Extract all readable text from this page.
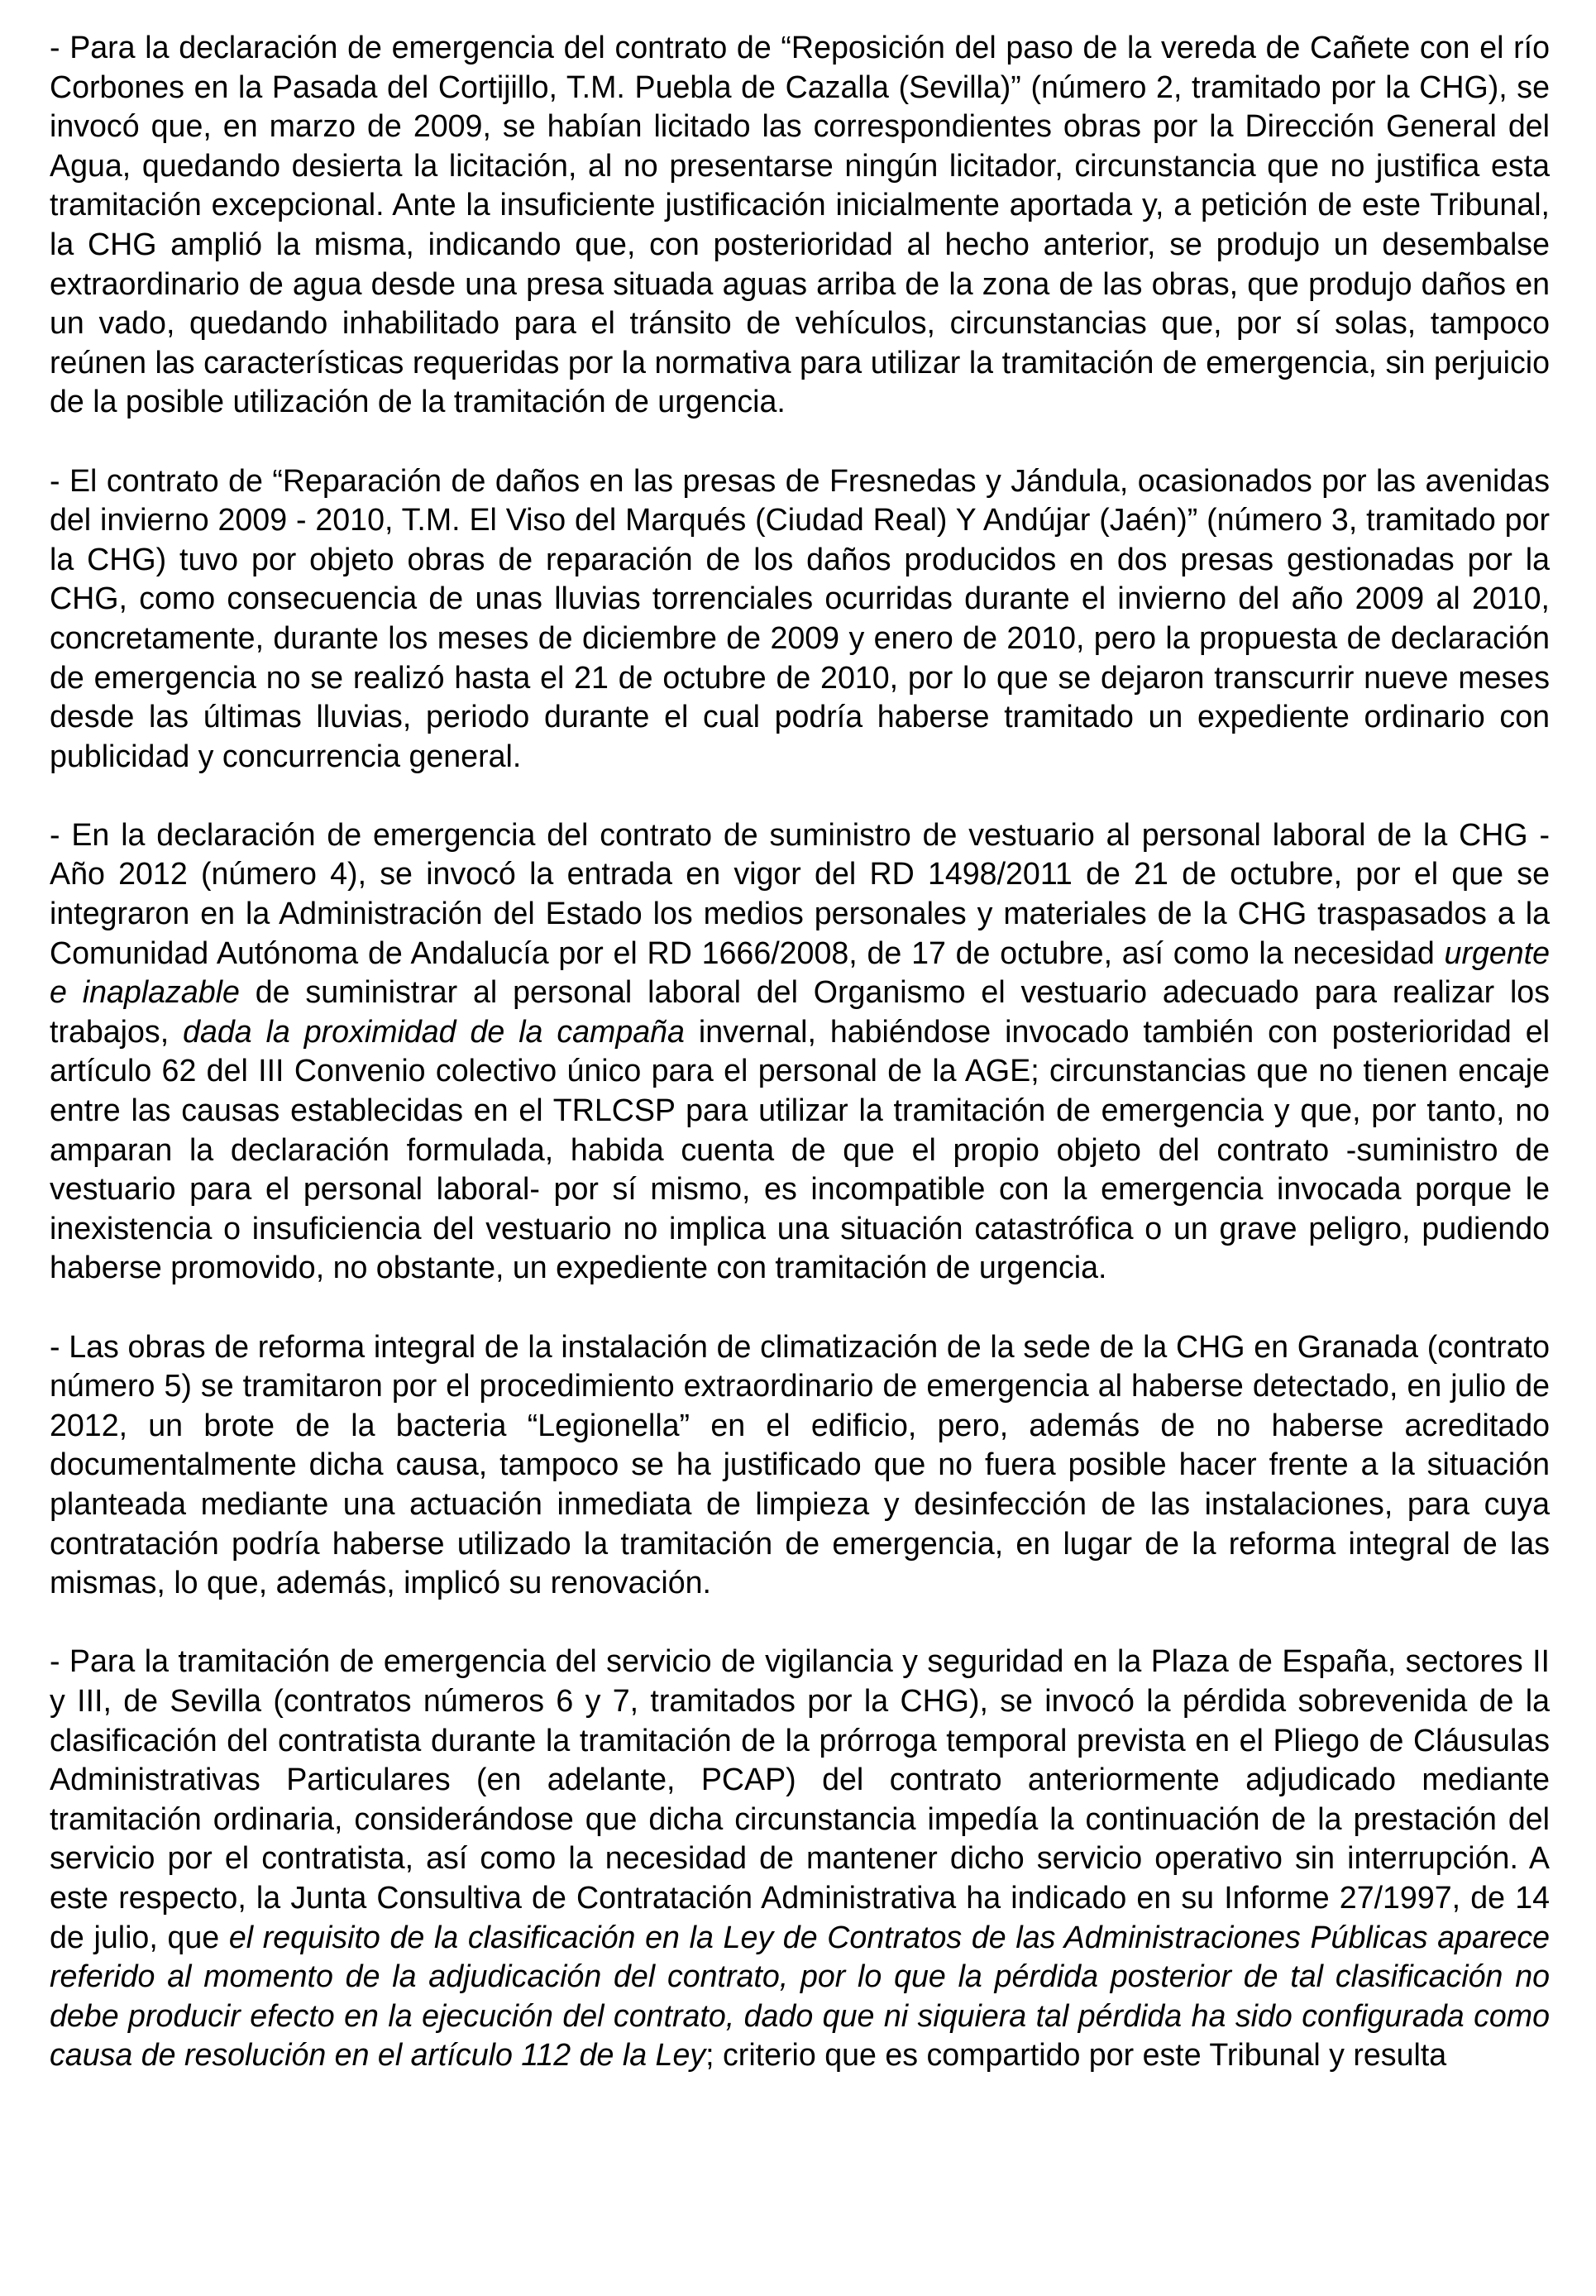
- Para la declaración de emergencia del contrato de “Reposición del paso de la vereda de Cañete con el río Corbones en la Pasada del Cortijillo, T.M. Puebla de Cazalla (Sevilla)” (número 2, tramitado por la CHG), se invocó que, en marzo de 2009, se habían licitado las correspondientes obras por la Dirección General del Agua, quedando desierta la licitación, al no presentarse ningún licitador, circunstancia que no justifica esta tramitación excepcional. Ante la insuficiente justificación inicialmente aportada y, a petición de este Tribunal, la CHG amplió la misma, indicando que, con posterioridad al hecho anterior, se produjo un desembalse extraordinario de agua desde una presa situada aguas arriba de la zona de las obras, que produjo daños en un vado, quedando inhabilitado para el tránsito de vehículos, circunstancias que, por sí solas, tampoco reúnen las características requeridas por la normativa para utilizar la tramitación de emergencia, sin perjuicio de la posible utilización de la tramitación de urgencia.

- El contrato de “Reparación de daños en las presas de Fresnedas y Jándula, ocasionados por las avenidas del invierno 2009 - 2010, T.M. El Viso del Marqués (Ciudad Real) Y Andújar (Jaén)” (número 3, tramitado por la CHG) tuvo por objeto obras de reparación de los daños producidos en dos presas gestionadas por la CHG, como consecuencia de unas lluvias torrenciales ocurridas durante el invierno del año 2009 al 2010, concretamente, durante los meses de diciembre de 2009 y enero de 2010, pero la propuesta de declaración de emergencia no se realizó hasta el 21 de octubre de 2010, por lo que se dejaron transcurrir nueve meses desde las últimas lluvias, periodo durante el cual podría haberse tramitado un expediente ordinario con publicidad y concurrencia general.

- En la declaración de emergencia del contrato de suministro de vestuario al personal laboral de la CHG - Año 2012 (número 4), se invocó la entrada en vigor del RD 1498/2011 de 21 de octubre, por el que se integraron en la Administración del Estado los medios personales y materiales de la CHG traspasados a la Comunidad Autónoma de Andalucía por el RD 1666/2008, de 17 de octubre, así como la necesidad urgente e inaplazable de suministrar al personal laboral del Organismo el vestuario adecuado para realizar los trabajos, dada la proximidad de la campaña invernal, habiéndose invocado también con posterioridad el artículo 62 del III Convenio colectivo único para el personal de la AGE; circunstancias que no tienen encaje entre las causas establecidas en el TRLCSP para utilizar la tramitación de emergencia y que, por tanto, no amparan la declaración formulada, habida cuenta de que el propio objeto del contrato -suministro de vestuario para el personal laboral- por sí mismo, es incompatible con la emergencia invocada porque le inexistencia o insuficiencia del vestuario no implica una situación catastrófica o un grave peligro, pudiendo haberse promovido, no obstante, un expediente con tramitación de urgencia.

- Las obras de reforma integral de la instalación de climatización de la sede de la CHG en Granada (contrato número 5) se tramitaron por el procedimiento extraordinario de emergencia al haberse detectado, en julio de 2012, un brote de la bacteria “Legionella” en el edificio, pero, además de no haberse acreditado documentalmente dicha causa, tampoco se ha justificado que no fuera posible hacer frente a la situación planteada mediante una actuación inmediata de limpieza y desinfección de las instalaciones, para cuya contratación podría haberse utilizado la tramitación de emergencia, en lugar de la reforma integral de las mismas, lo que, además, implicó su renovación.

- Para la tramitación de emergencia del servicio de vigilancia y seguridad en la Plaza de España, sectores II y III, de Sevilla (contratos números 6 y 7, tramitados por la CHG), se invocó la pérdida sobrevenida de la clasificación del contratista durante la tramitación de la prórroga temporal prevista en el Pliego de Cláusulas Administrativas Particulares (en adelante, PCAP) del contrato anteriormente adjudicado mediante tramitación ordinaria, considerándose que dicha circunstancia impedía la continuación de la prestación del servicio por el contratista, así como la necesidad de mantener dicho servicio operativo sin interrupción. A este respecto, la Junta Consultiva de Contratación Administrativa ha indicado en su Informe 27/1997, de 14 de julio, que el requisito de la clasificación en la Ley de Contratos de las Administraciones Públicas aparece referido al momento de la adjudicación del contrato, por lo que la pérdida posterior de tal clasificación no debe producir efecto en la ejecución del contrato, dado que ni siquiera tal pérdida ha sido configurada como causa de resolución en el artículo 112 de la Ley; criterio que es compartido por este Tribunal y resulta
